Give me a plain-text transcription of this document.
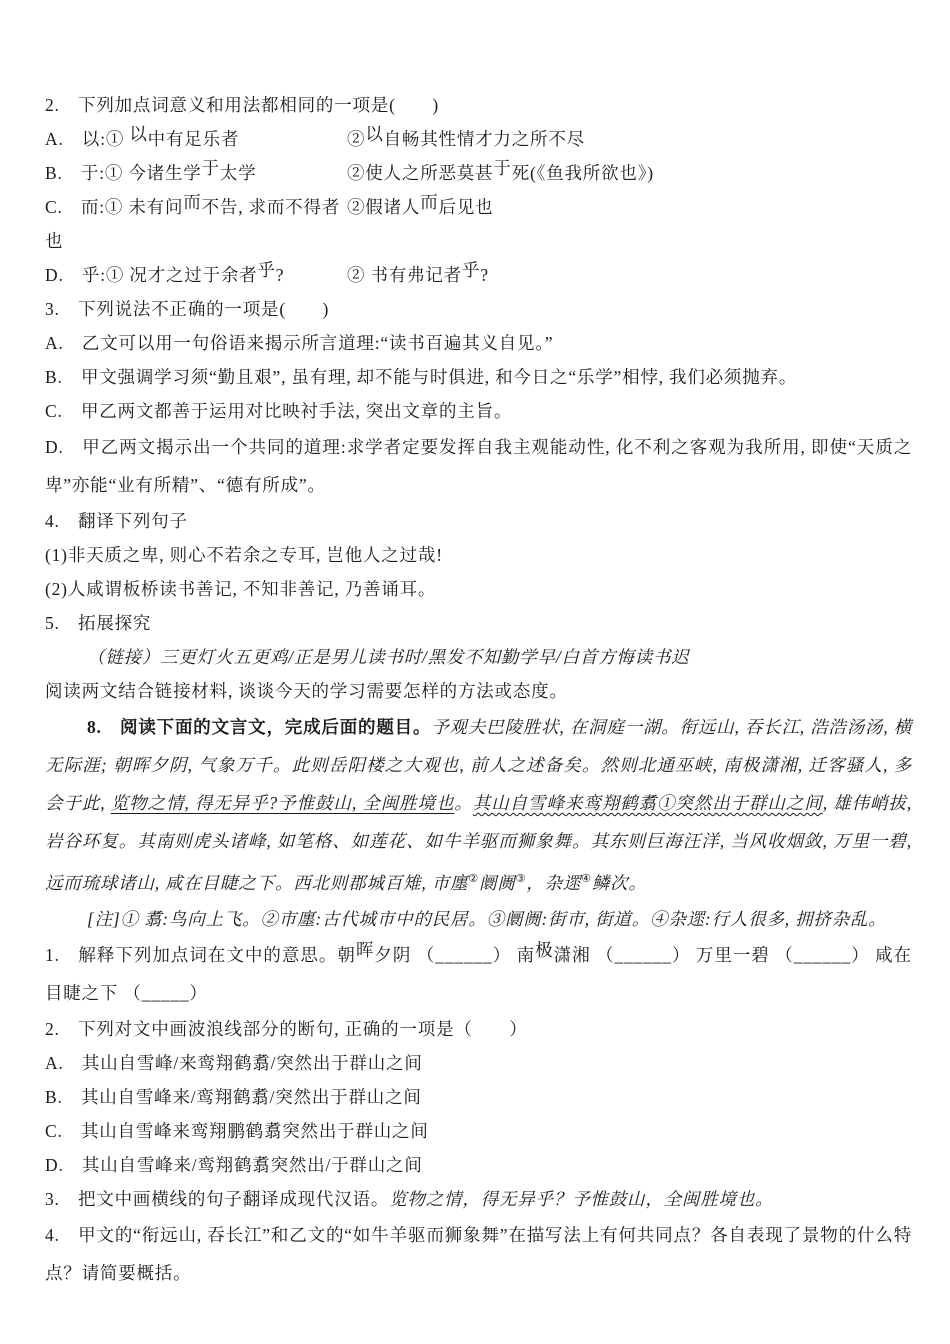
2.　下列加点词意义和用法都相同的一项是(　　)
A.　以:① 以中有足乐者	②以自畅其性情才力之所不尽
B.　于:① 今诸生学于太学	②使人之所恶莫甚于死(《鱼我所欲也》)
C.　而:① 未有问而不告, 求而不得者也
②假诸人而后见也
D.　乎:① 况才之过于余者乎?	② 书有弗记者乎?
3.　下列说法不正确的一项是(　　)
A.　乙文可以用一句俗语来揭示所言道理:“读书百遍其义自见。”
B.　甲文强调学习须“勤且艰”, 虽有理, 却不能与时俱进, 和今日之“乐学”相悖, 我们必须抛弃。
C.　甲乙两文都善于运用对比映衬手法, 突出文章的主旨。
D.　甲乙两文揭示出一个共同的道理:求学者定要发挥自我主观能动性, 化不利之客观为我所用, 即使“天质之卑”亦能“业有所精”、“德有所成”。
4.　翻译下列句子
(1)非天质之卑, 则心不若余之专耳, 岂他人之过哉!
(2)人咸谓板桥读书善记, 不知非善记, 乃善诵耳。
5.　拓展探究
（链接）三更灯火五更鸡/正是男儿读书时/黑发不知勤学早/白首方悔读书迟
阅读两文结合链接材料, 谈谈今天的学习需要怎样的方法或态度。
8.　阅读下面的文言文，完成后面的题目。予观夫巴陵胜状, 在洞庭一湖。衔远山, 吞长江, 浩浩汤汤, 横无际涯; 朝晖夕阴, 气象万千。此则岳阳楼之大观也, 前人之述备矣。然则北通巫峡, 南极潇湘, 迁客骚人, 多会于此, 览物之情, 得无异乎?予惟鼓山, 全闽胜境也。其山自雪峰来鸾翔鹤翥①突然出于群山之间, 雄伟峭拔, 岩谷环复。其南则虎头诸峰, 如笔格、如莲花、如牛羊驱而狮象舞。其东则巨海汪洋, 当风收烟敛, 万里一碧, 远而琉球诸山, 咸在目睫之下。西北则郡城百雉, 市廛②阛阓③，杂遝④鳞次。
[注]① 翥:鸟向上飞。②市廛:古代城市中的民居。③阛阓:街市, 街道。④杂遝:行人很多, 拥挤杂乱。
1.　解释下列加点词在文中的意思。朝晖夕阴 （______） 南极潇湘 （______） 万里一碧 （______） 咸在目睫之下 （_____）
2.　下列对文中画波浪线部分的断句, 正确的一项是（　　）
A.　其山自雪峰/来鸾翔鹤翥/突然出于群山之间
B.　其山自雪峰来/鸾翔鹤翥/突然出于群山之间
C.　其山自雪峰来鸾翔鹏鹤翥突然出于群山之间
D.　其山自雪峰来/鸾翔鹤翥突然出/于群山之间
3.　把文中画横线的句子翻译成现代汉语。览物之情，得无异乎？予惟鼓山，全闽胜境也。
4.　甲文的“衔远山, 吞长江”和乙文的“如牛羊驱而狮象舞”在描写法上有何共同点？各自表现了景物的什么特点？请简要概括。
